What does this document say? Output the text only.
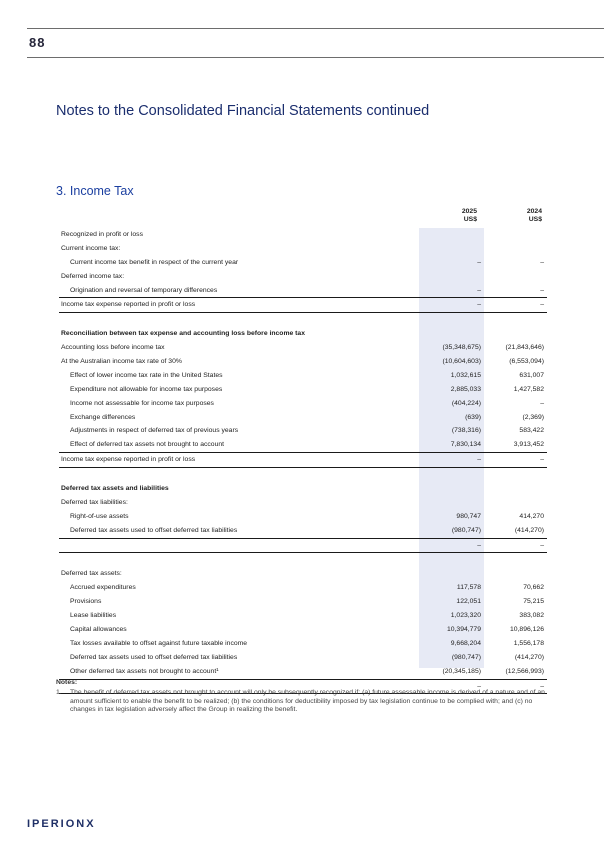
88
Notes to the Consolidated Financial Statements continued
3. Income Tax
2025
US$
2024
US$
Recognized in profit or loss
Current income tax:
Current income tax benefit in respect of the current year	–	–
Deferred income tax:
Origination and reversal of temporary differences	–	–
Income tax expense reported in profit or loss	–	–
Reconciliation between tax expense and accounting loss before income tax
Accounting loss before income tax	(35,348,675)	(21,843,646)
At the Australian income tax rate of 30%	(10,604,603)	(6,553,094)
Effect of lower income tax rate in the United States	1,032,615	631,007
Expenditure not allowable for income tax purposes	2,885,033	1,427,582
Income not assessable for income tax purposes	(404,224)	–
Exchange differences	(639)	(2,369)
Adjustments in respect of deferred tax of previous years	(738,316)	583,422
Effect of deferred tax assets not brought to account	7,830,134	3,913,452
Income tax expense reported in profit or loss	–	–
Deferred tax assets and liabilities
Deferred tax liabilities:
Right-of-use assets	980,747	414,270
Deferred tax assets used to offset deferred tax liabilities	(980,747)	(414,270)
–	–
Deferred tax assets:
Accrued expenditures	117,578	70,662
Provisions	122,051	75,215
Lease liabilities	1,023,320	383,082
Capital allowances	10,394,779	10,896,126
Tax losses available to offset against future taxable income	9,668,204	1,556,178
Deferred tax assets used to offset deferred tax liabilities	(980,747)	(414,270)
Other deferred tax assets not brought to account¹	(20,345,185)	(12,566,993)
–	–
Notes:
1. The benefit of deferred tax assets not brought to account will only be subsequently recognized if: (a) future assessable income is derived of a nature and of an amount sufficient to enable the benefit to be realized; (b) the conditions for deductibility imposed by tax legislation continue to be complied with; and (c) no changes in tax legislation adversely affect the Group in realizing the benefit.
IPERIONX
